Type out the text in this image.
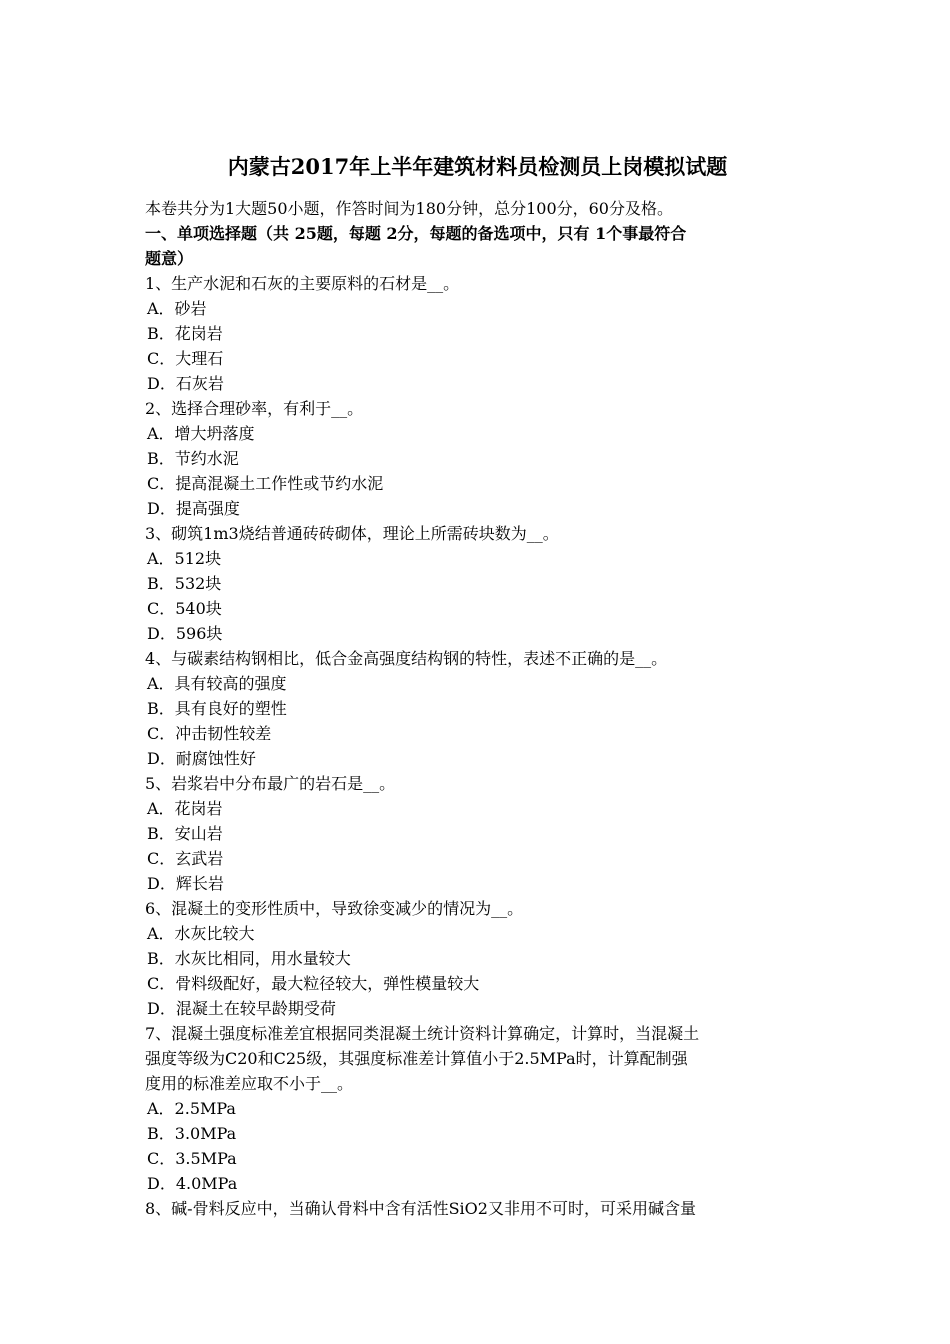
内蒙古2017年上半年建筑材料员检测员上岗模拟试题
本卷共分为1大题50小题，作答时间为180分钟，总分100分，60分及格。
一、单项选择题（共 25题，每题 2分，每题的备选项中，只有 1个事最符合
题意）
1、生产水泥和石灰的主要原料的石材是__。
A．砂岩
B．花岗岩
C．大理石
D．石灰岩
2、选择合理砂率，有利于__。
A．增大坍落度
B．节约水泥
C．提高混凝土工作性或节约水泥
D．提高强度
3、砌筑1m3烧结普通砖砖砌体，理论上所需砖块数为__。
A．512块
B．532块
C．540块
D．596块
4、与碳素结构钢相比，低合金高强度结构钢的特性，表述不正确的是__。
A．具有较高的强度
B．具有良好的塑性
C．冲击韧性较差
D．耐腐蚀性好
5、岩浆岩中分布最广的岩石是__。
A．花岗岩
B．安山岩
C．玄武岩
D．辉长岩
6、混凝土的变形性质中，导致徐变减少的情况为__。
A．水灰比较大
B．水灰比相同，用水量较大
C．骨料级配好，最大粒径较大，弹性模量较大
D．混凝土在较早龄期受荷
7、混凝土强度标准差宜根据同类混凝土统计资料计算确定，计算时，当混凝土
强度等级为C20和C25级，其强度标准差计算值小于2.5MPa时，计算配制强
度用的标准差应取不小于__。
A．2.5MPa
B．3.0MPa
C．3.5MPa
D．4.0MPa
8、碱-骨料反应中，当确认骨料中含有活性SiO2又非用不可时，可采用碱含量
